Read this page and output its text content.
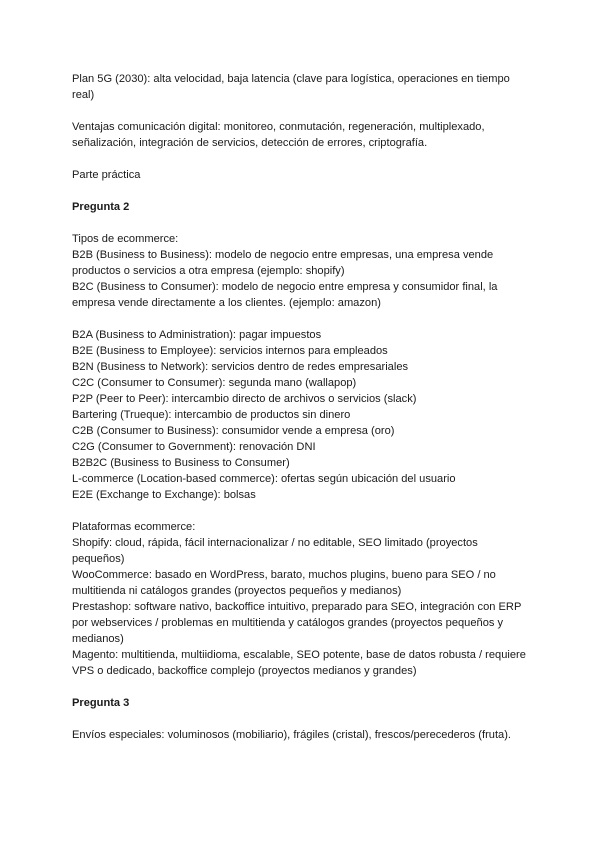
Plan 5G (2030): alta velocidad, baja latencia (clave para logística, operaciones en tiempo real)

Ventajas comunicación digital: monitoreo, conmutación, regeneración, multiplexado, señalización, integración de servicios, detección de errores, criptografía.

Parte práctica

Pregunta 2

Tipos de ecommerce:

B2B (Business to Business): modelo de negocio entre empresas, una empresa vende productos o servicios a otra empresa (ejemplo: shopify)

B2C (Business to Consumer): modelo de negocio entre empresa y consumidor final, la empresa vende directamente a los clientes. (ejemplo: amazon)

B2A (Business to Administration): pagar impuestos

B2E (Business to Employee): servicios internos para empleados

B2N (Business to Network): servicios dentro de redes empresariales

C2C (Consumer to Consumer): segunda mano (wallapop)

P2P (Peer to Peer): intercambio directo de archivos o servicios (slack)

Bartering (Trueque): intercambio de productos sin dinero

C2B (Consumer to Business): consumidor vende a empresa (oro)

C2G (Consumer to Government): renovación DNI

B2B2C (Business to Business to Consumer)

L-commerce (Location-based commerce): ofertas según ubicación del usuario

E2E (Exchange to Exchange): bolsas

Plataformas ecommerce:

Shopify: cloud, rápida, fácil internacionalizar / no editable, SEO limitado (proyectos pequeños)

WooCommerce: basado en WordPress, barato, muchos plugins, bueno para SEO / no multitienda ni catálogos grandes (proyectos pequeños y medianos)

Prestashop: software nativo, backoffice intuitivo, preparado para SEO, integración con ERP por webservices / problemas en multitienda y catálogos grandes (proyectos pequeños y medianos)

Magento: multitienda, multiidioma, escalable, SEO potente, base de datos robusta / requiere VPS o dedicado, backoffice complejo (proyectos medianos y grandes)

Pregunta 3

Envíos especiales: voluminosos (mobiliario), frágiles (cristal), frescos/perecederos (fruta).
